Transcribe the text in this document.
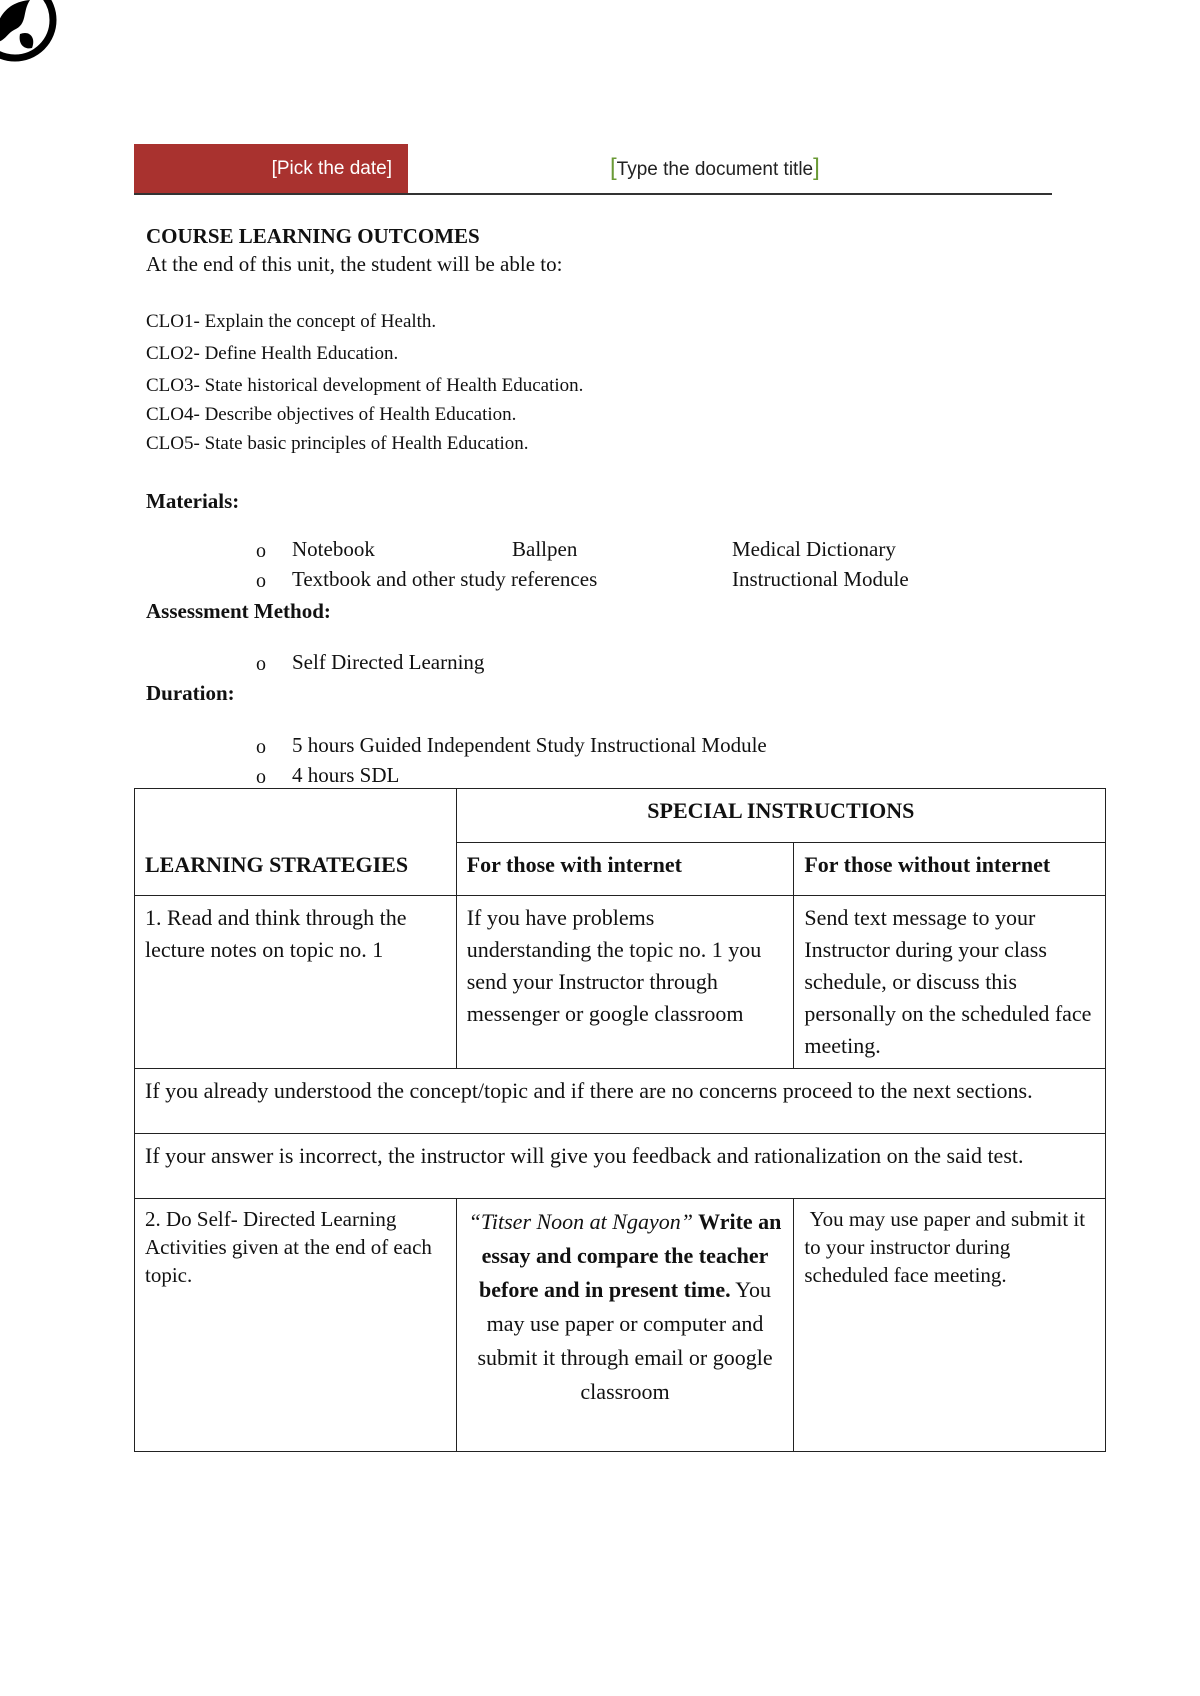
[Pick the date]	[Type the document title]
COURSE LEARNING OUTCOMES
At the end of this unit, the student will be able to:
CLO1- Explain the concept of Health.
CLO2- Define Health Education.
CLO3- State historical development of Health Education.
CLO4- Describe objectives of Health Education.
CLO5- State basic principles of Health Education.
Materials:
o Notebook	Ballpen	Medical Dictionary
o Textbook and other study references	Instructional Module
Assessment Method:
o Self Directed Learning
Duration:
o 5 hours Guided Independent Study Instructional Module
o 4 hours SDL
	SPECIAL INSTRUCTIONS	
LEARNING STRATEGIES	For those with internet	For those without internet
1. Read and think through the lecture notes on topic no. 1	If you have problems understanding the topic no. 1 you send your Instructor through messenger or google classroom	Send text message to your Instructor during your class schedule, or discuss this personally on the scheduled face meeting.
If you already understood the concept/topic and if there are no concerns proceed to the next sections.		
If your answer is incorrect, the instructor will give you feedback and rationalization on the said test.		
2. Do Self- Directed Learning Activities given at the end of each topic.	“Titser Noon at Ngayon” Write an essay and compare the teacher before and in present time. You may use paper or computer and submit it through email or google classroom	You may use paper and submit it to your instructor during scheduled face meeting.
